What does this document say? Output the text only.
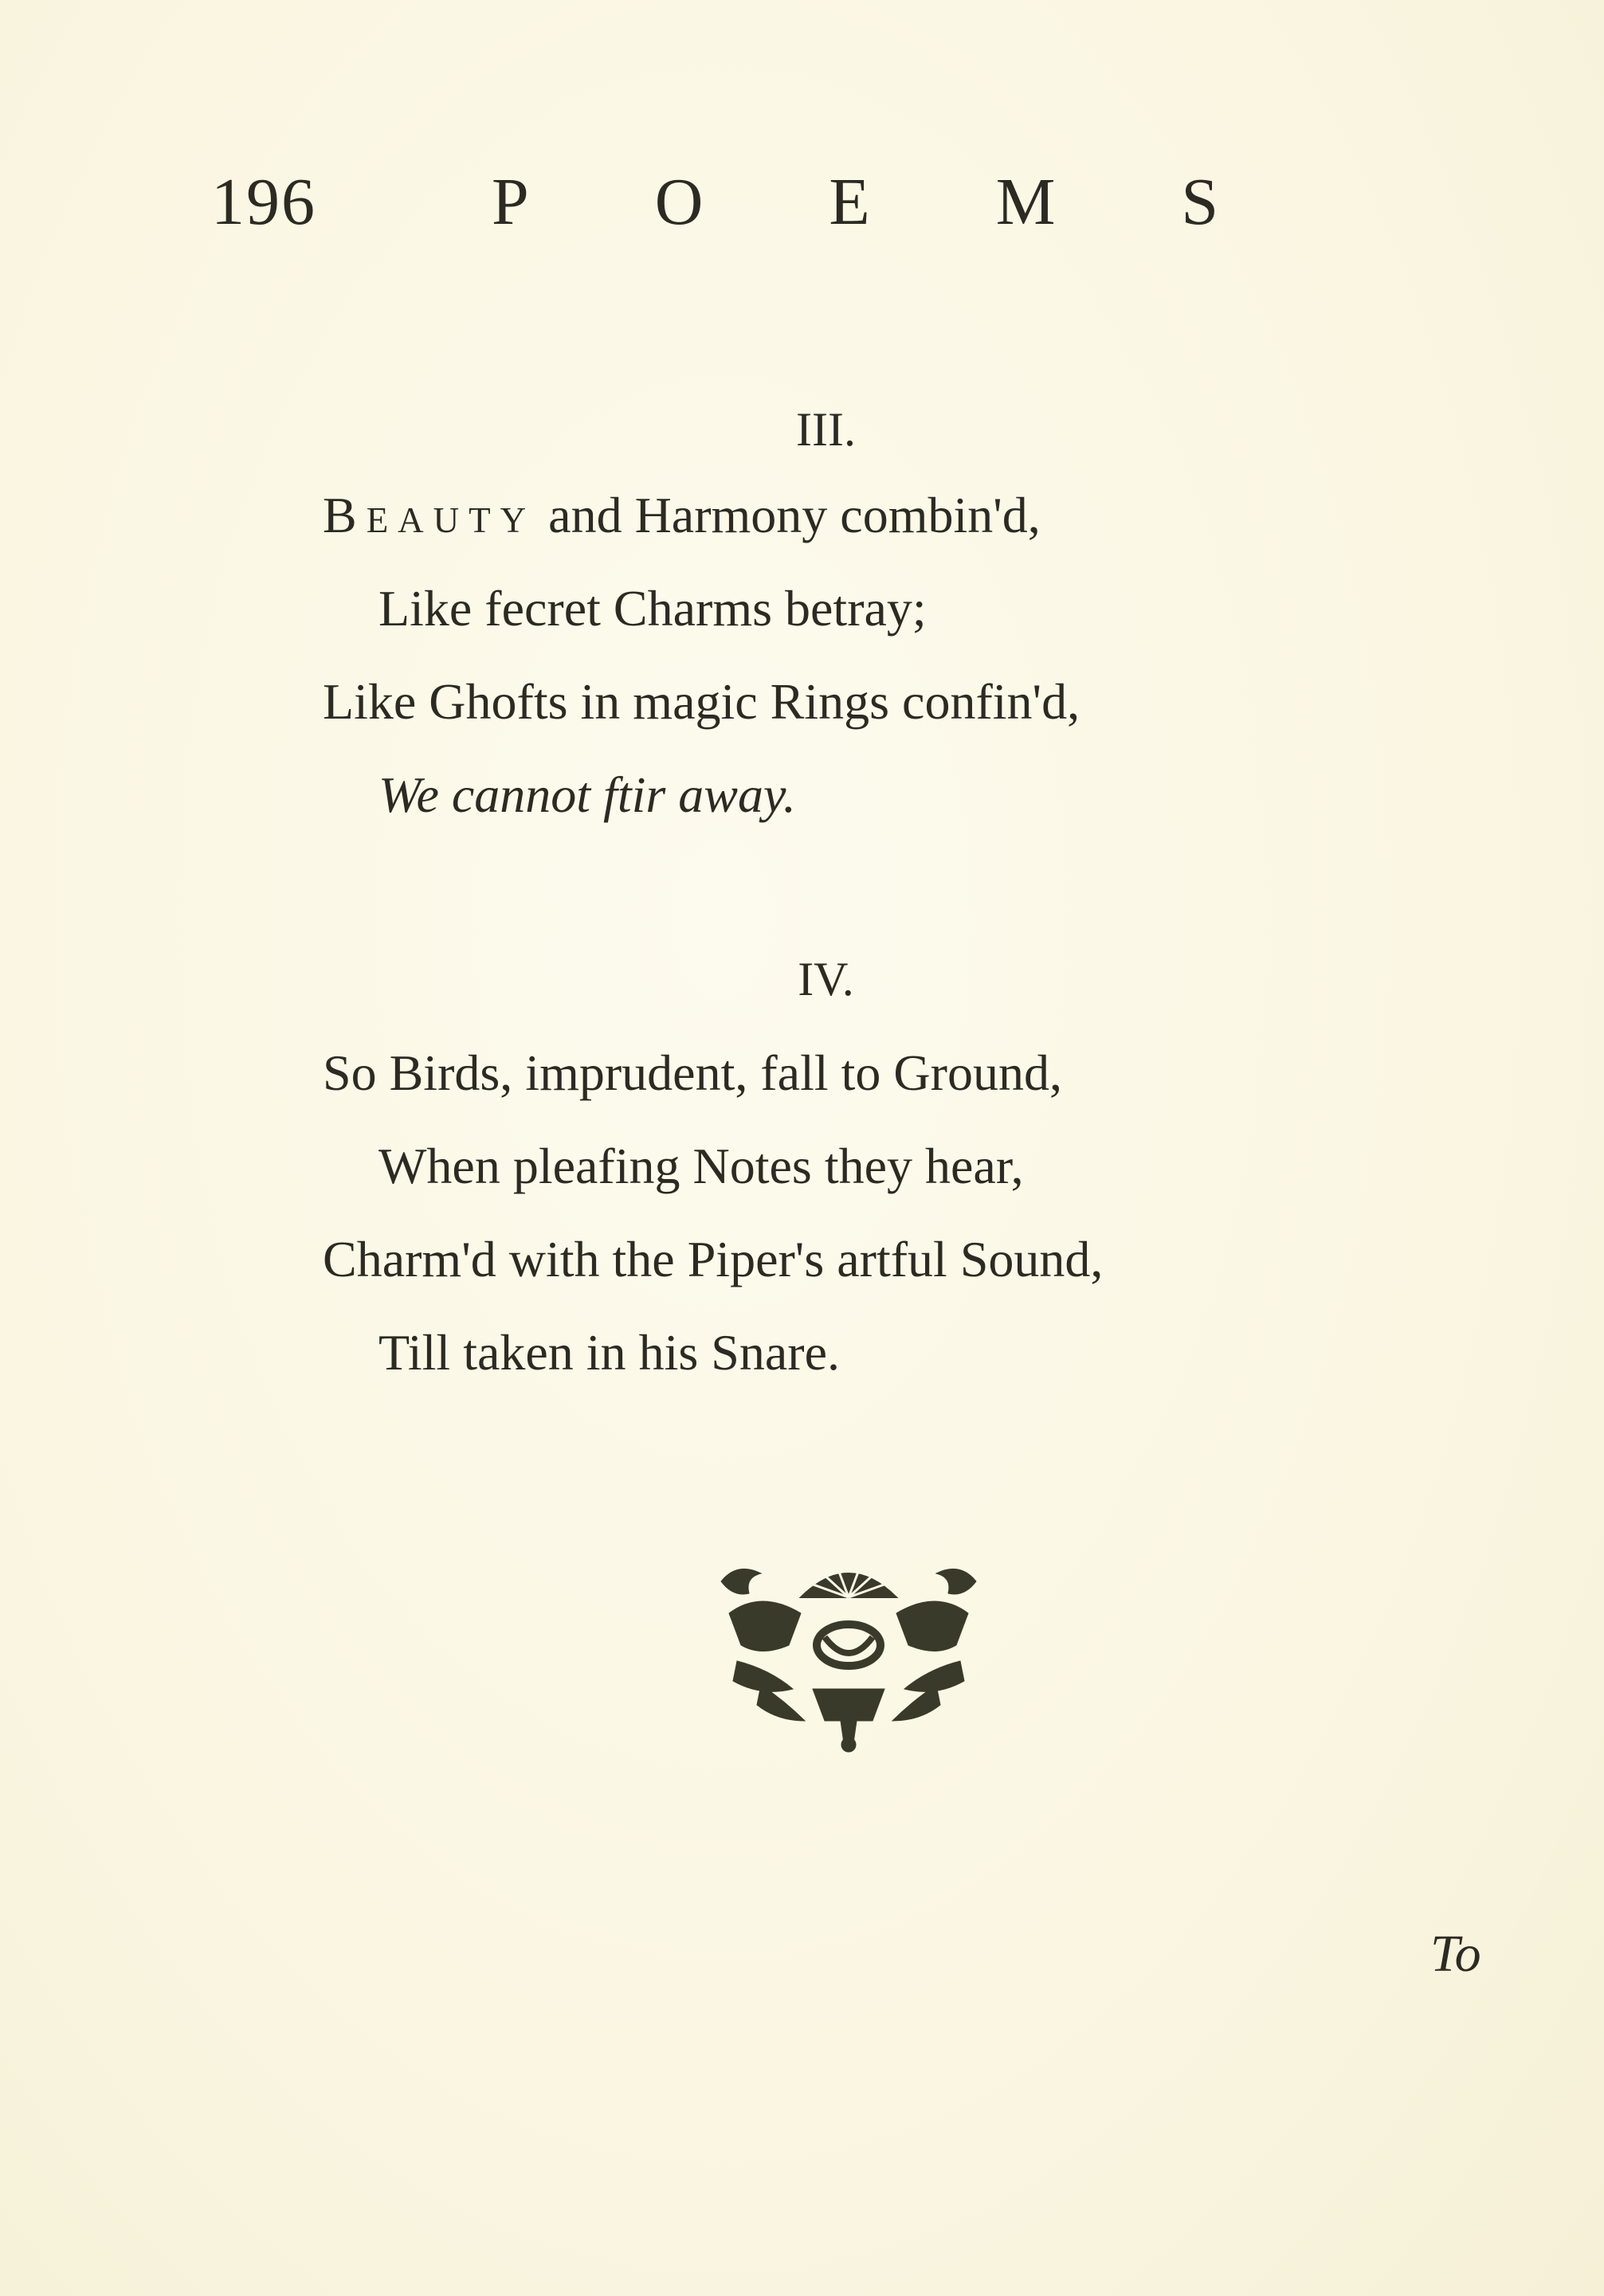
196	POEMS
III.
Beauty and Harmony combin'd,
Like fecret Charms betray;
Like Ghofts in magic Rings confin'd,
We cannot ftir away.
IV.
So Birds, imprudent, fall to Ground,
When pleafing Notes they hear,
Charm'd with the Piper's artful Sound,
Till taken in his Snare.
To
